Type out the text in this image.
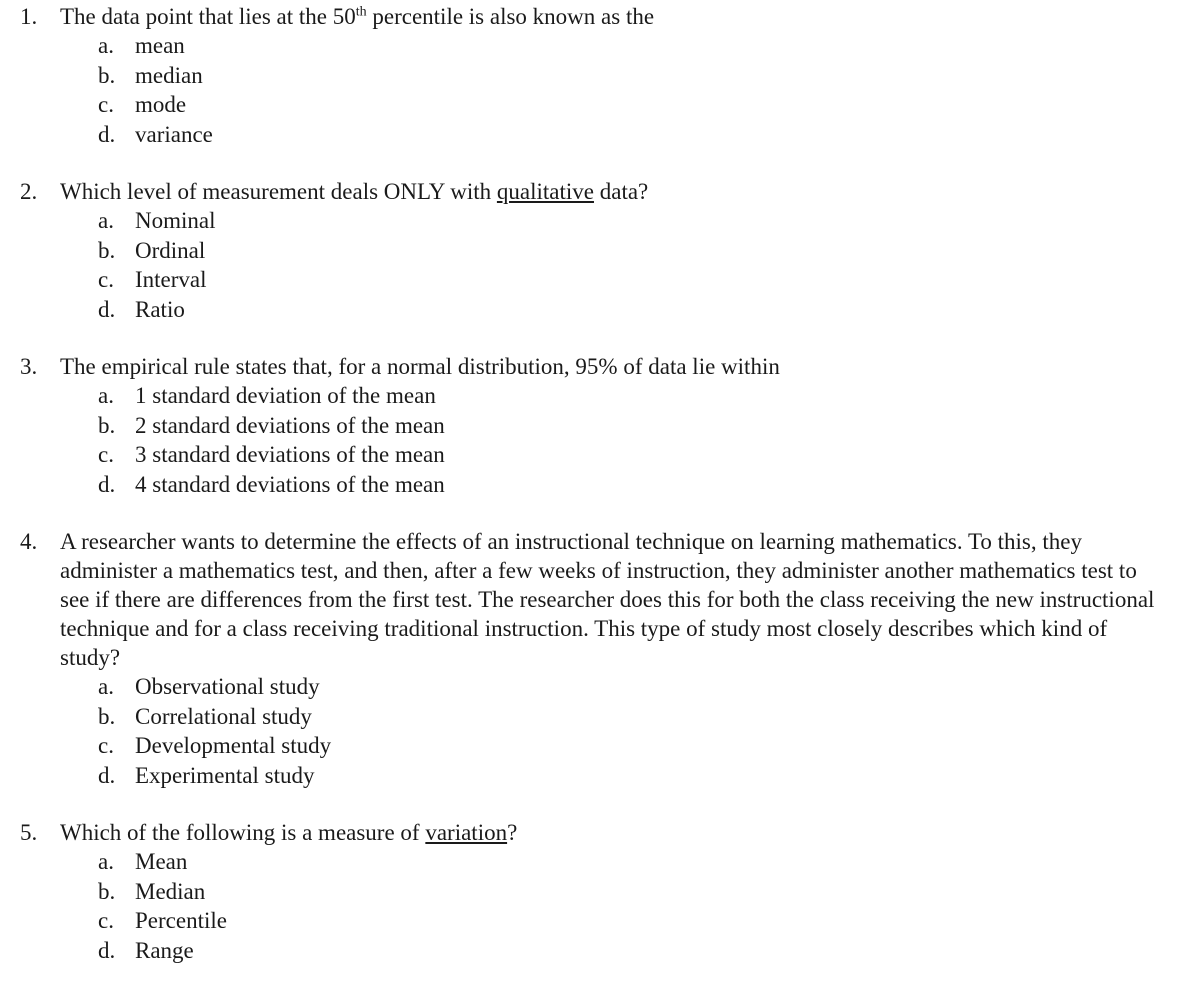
1. The data point that lies at the 50th percentile is also known as the
a. mean
b. median
c. mode
d. variance
2. Which level of measurement deals ONLY with qualitative data?
a. Nominal
b. Ordinal
c. Interval
d. Ratio
3. The empirical rule states that, for a normal distribution, 95% of data lie within
a. 1 standard deviation of the mean
b. 2 standard deviations of the mean
c. 3 standard deviations of the mean
d. 4 standard deviations of the mean
4. A researcher wants to determine the effects of an instructional technique on learning mathematics. To this, they administer a mathematics test, and then, after a few weeks of instruction, they administer another mathematics test to see if there are differences from the first test. The researcher does this for both the class receiving the new instructional technique and for a class receiving traditional instruction. This type of study most closely describes which kind of study?
a. Observational study
b. Correlational study
c. Developmental study
d. Experimental study
5. Which of the following is a measure of variation?
a. Mean
b. Median
c. Percentile
d. Range
